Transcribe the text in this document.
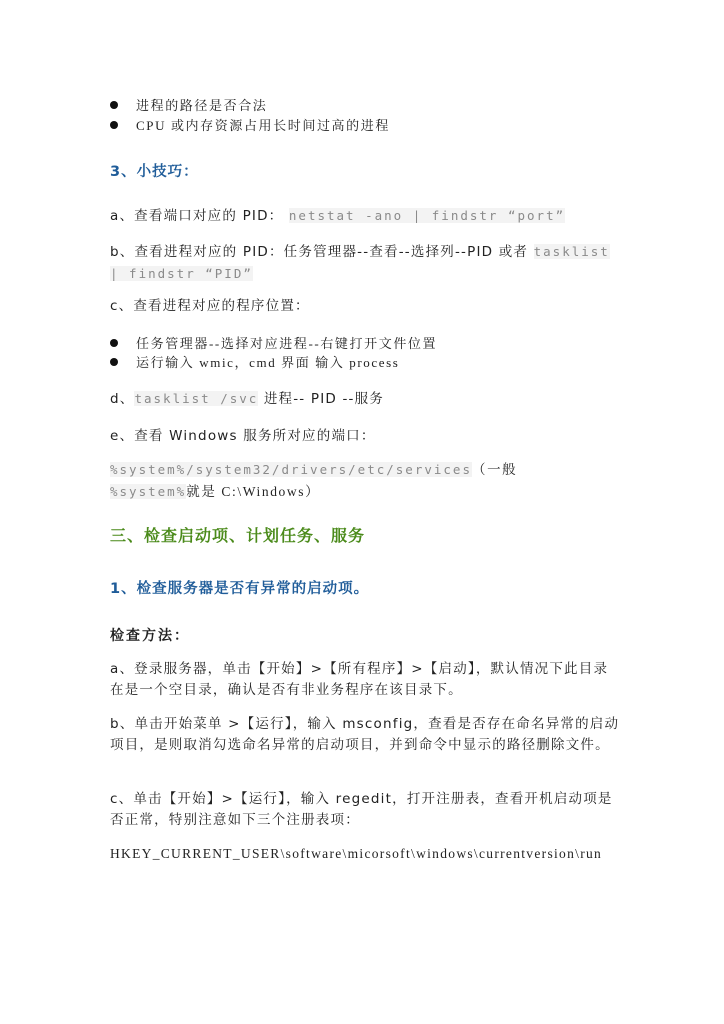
进程的路径是否合法
CPU 或内存资源占用长时间过高的进程
3、小技巧：
a、查看端口对应的 PID： netstat -ano | findstr “port”
b、查看进程对应的 PID：任务管理器--查看--选择列--PID 或者 tasklist | findstr “PID”
c、查看进程对应的程序位置：
任务管理器--选择对应进程--右键打开文件位置
运行输入 wmic，cmd 界面 输入 process
d、tasklist /svc 进程-- PID --服务
e、查看 Windows 服务所对应的端口：
%system%/system32/drivers/etc/services（一般
%system%就是 C:\Windows）
三、检查启动项、计划任务、服务
1、检查服务器是否有异常的启动项。
检查方法：
a、登录服务器，单击【开始】>【所有程序】>【启动】，默认情况下此目录在是一个空目录，确认是否有非业务程序在该目录下。
b、单击开始菜单 >【运行】，输入 msconfig，查看是否存在命名异常的启动项目，是则取消勾选命名异常的启动项目，并到命令中显示的路径删除文件。
c、单击【开始】>【运行】，输入 regedit，打开注册表，查看开机启动项是否正常，特别注意如下三个注册表项：
HKEY_CURRENT_USER\software\micorsoft\windows\currentversion\run
